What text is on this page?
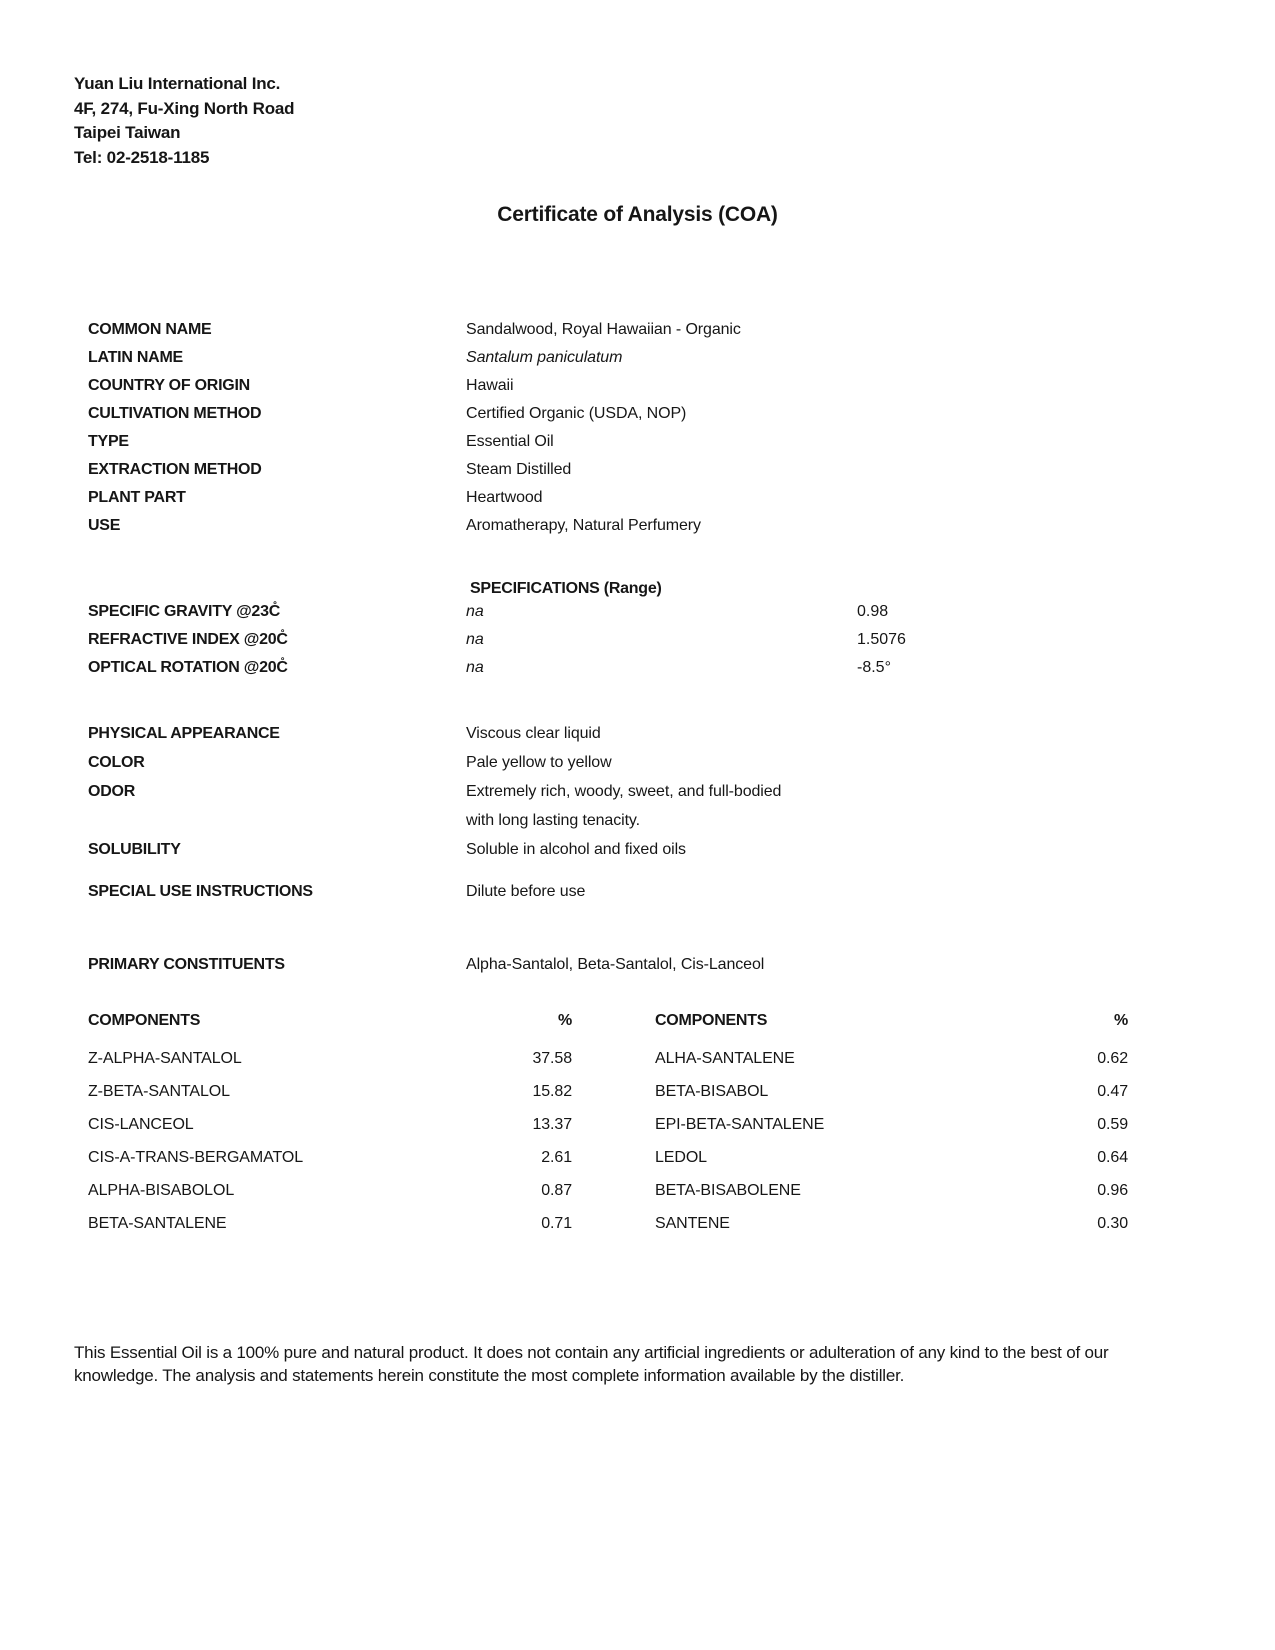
Yuan Liu International Inc.
4F, 274, Fu-Xing North Road
Taipei Taiwan
Tel: 02-2518-1185
Certificate of Analysis (COA)
COMMON NAME	Sandalwood, Royal Hawaiian - Organic
LATIN NAME	Santalum paniculatum
COUNTRY OF ORIGIN	Hawaii
CULTIVATION METHOD	Certified Organic (USDA, NOP)
TYPE	Essential Oil
EXTRACTION METHOD	Steam Distilled
PLANT PART	Heartwood
USE	Aromatherapy, Natural Perfumery
SPECIFICATIONS (Range)
SPECIFIC GRAVITY @23C̊	na	0.98
REFRACTIVE INDEX @20C̊	na	1.5076
OPTICAL ROTATION @20C̊	na	-8.5°
PHYSICAL APPEARANCE	Viscous clear liquid
COLOR	Pale yellow to yellow
ODOR	Extremely rich, woody, sweet, and full-bodied with long lasting tenacity.
SOLUBILITY	Soluble in alcohol and fixed oils
SPECIAL USE INSTRUCTIONS	Dilute before use
PRIMARY CONSTITUENTS	Alpha-Santalol, Beta-Santalol, Cis-Lanceol
COMPONENTS	%
Z-ALPHA-SANTALOL	37.58
Z-BETA-SANTALOL	15.82
CIS-LANCEOL	13.37
CIS-A-TRANS-BERGAMATOL	2.61
ALPHA-BISABOLOL	0.87
BETA-SANTALENE	0.71
COMPONENTS	%
ALHA-SANTALENE	0.62
BETA-BISABOL	0.47
EPI-BETA-SANTALENE	0.59
LEDOL	0.64
BETA-BISABOLENE	0.96
SANTENE	0.30
This Essential Oil is a 100% pure and natural product. It does not contain any artificial ingredients or adulteration of any kind to the best of our knowledge. The analysis and statements herein constitute the most complete information available by the distiller.
